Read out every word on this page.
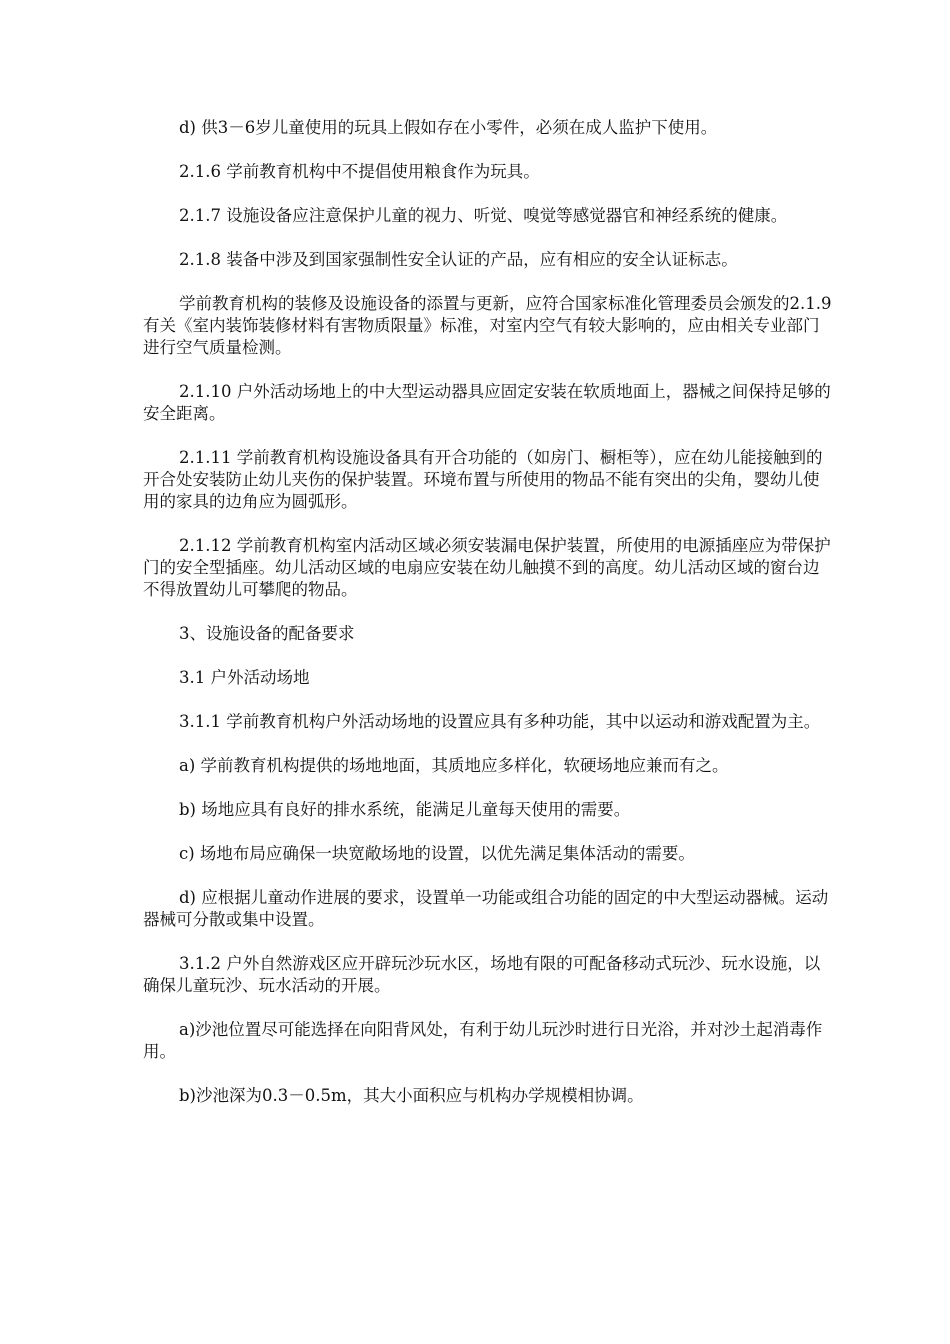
d) 供3－6岁儿童使用的玩具上假如存在小零件，必须在成人监护下使用。

2.1.6 学前教育机构中不提倡使用粮食作为玩具。

2.1.7 设施设备应注意保护儿童的视力、听觉、嗅觉等感觉器官和神经系统的健康。

2.1.8 装备中涉及到国家强制性安全认证的产品，应有相应的安全认证标志。

学前教育机构的装修及设施设备的添置与更新，应符合国家标准化管理委员会颁发的2.1.9 有关《室内装饰装修材料有害物质限量》标准，对室内空气有较大影响的，应由相关专业部门进行空气质量检测。

2.1.10 户外活动场地上的中大型运动器具应固定安装在软质地面上，器械之间保持足够的安全距离。

2.1.11 学前教育机构设施设备具有开合功能的（如房门、橱柜等），应在幼儿能接触到的开合处安装防止幼儿夹伤的保护装置。环境布置与所使用的物品不能有突出的尖角，婴幼儿使用的家具的边角应为圆弧形。

2.1.12 学前教育机构室内活动区域必须安装漏电保护装置，所使用的电源插座应为带保护门的安全型插座。幼儿活动区域的电扇应安装在幼儿触摸不到的高度。幼儿活动区域的窗台边不得放置幼儿可攀爬的物品。

3、设施设备的配备要求

3.1 户外活动场地

3.1.1 学前教育机构户外活动场地的设置应具有多种功能，其中以运动和游戏配置为主。

a) 学前教育机构提供的场地地面，其质地应多样化，软硬场地应兼而有之。

b) 场地应具有良好的排水系统，能满足儿童每天使用的需要。

c) 场地布局应确保一块宽敞场地的设置，以优先满足集体活动的需要。

d) 应根据儿童动作进展的要求，设置单一功能或组合功能的固定的中大型运动器械。运动器械可分散或集中设置。

3.1.2 户外自然游戏区应开辟玩沙玩水区，场地有限的可配备移动式玩沙、玩水设施，以确保儿童玩沙、玩水活动的开展。

a)沙池位置尽可能选择在向阳背风处，有利于幼儿玩沙时进行日光浴，并对沙土起消毒作用。

b)沙池深为0.3－0.5m，其大小面积应与机构办学规模相协调。
